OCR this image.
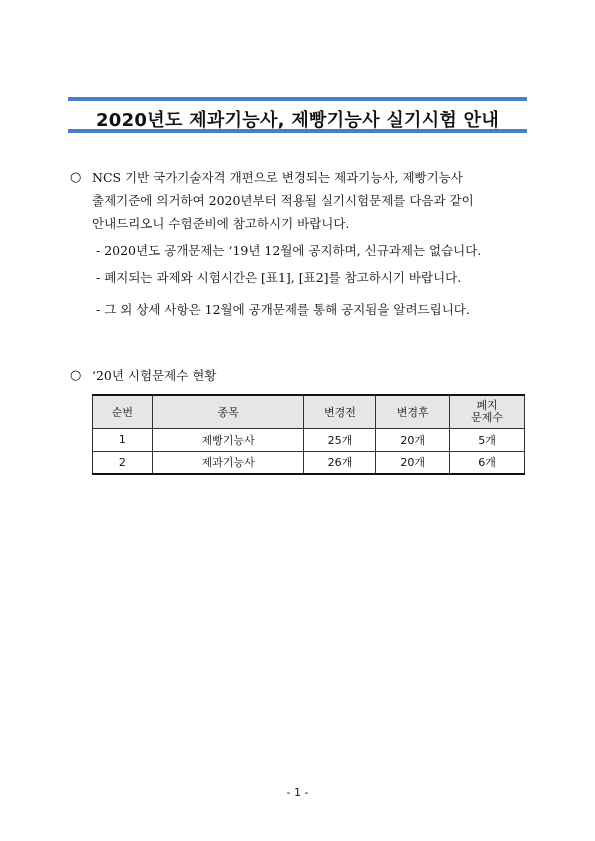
2020년도 제과기능사, 제빵기능사 실기시험 안내
○ NCS 기반 국가기술자격 개편으로 변경되는 제과기능사, 제빵기능사
출제기준에 의거하여 2020년부터 적용될 실기시험문제를 다음과 같이
안내드리오니 수험준비에 참고하시기 바랍니다.
- 2020년도 공개문제는 ‘19년 12월에 공지하며, 신규과제는 없습니다.
- 폐지되는 과제와 시험시간은 [표1], [표2]를 참고하시기 바랍니다.
- 그 외 상세 사항은 12월에 공개문제를 통해 공지됨을 알려드립니다.
○ ‘20년 시험문제수 현황
순번	종목	변경전	변경후	폐지
문제수

1	제빵기능사	25개	20개	5개
2	제과기능사	26개	20개	6개
- 1 -
